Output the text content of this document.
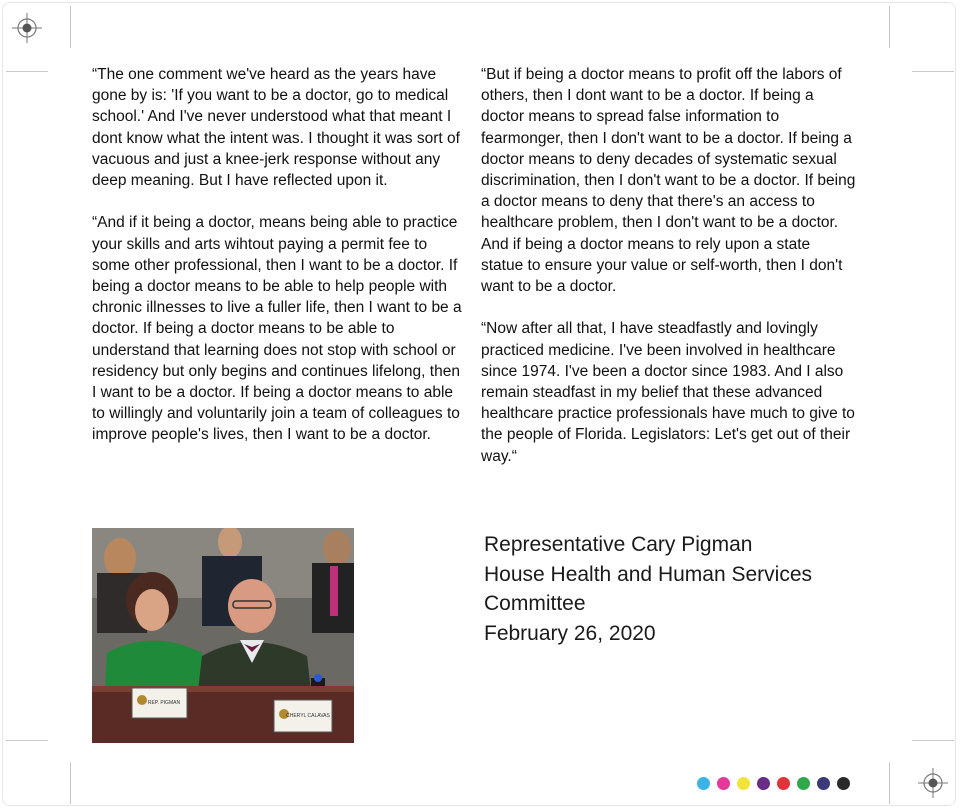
“The one comment we've heard as the years have gone by is: 'If you want to be a doctor, go to medical school.' And I've never understood what that meant I dont know what the intent was. I thought it was sort of vacuous and just a knee-jerk response without any deep meaning. But I have reflected upon it.

“And if it being a doctor, means being able to practice your skills and arts wihtout paying a permit fee to some other professional, then I want to be a doctor. If being a doctor means to be able to help people with chronic illnesses to live a fuller life, then I want to be a doctor. If being a doctor means to be able to understand that learning does not stop with school or residency but only begins and continues lifelong, then I want to be a doctor. If being a doctor means to able to willingly and voluntarily join a team of colleagues to improve people's lives, then I want to be a doctor.

“But if being a doctor means to profit off the labors of others, then I dont want to be a doctor. If being a doctor means to spread false information to fearmonger, then I don't want to be a doctor. If being a doctor means to deny decades of systematic sexual discrimination, then I don't want to be a doctor. If being a doctor means to deny that there's an access to healthcare problem, then I don't want to be a doctor. And if being a doctor means to rely upon a state statue to ensure your value or self-worth, then I don't want to be a doctor.

“Now after all that, I have steadfastly and lovingly practiced medicine. I've been involved in healthcare since 1974. I've been a doctor since 1983. And I also remain steadfast in my belief that these advanced healthcare practice professionals have much to give to the people of Florida. Legislators: Let's get out of their way.“

REP. PIGMAN
CHERYL CALAVAS
Representative Cary Pigman
House Health and Human Services
Committee
February 26, 2020
